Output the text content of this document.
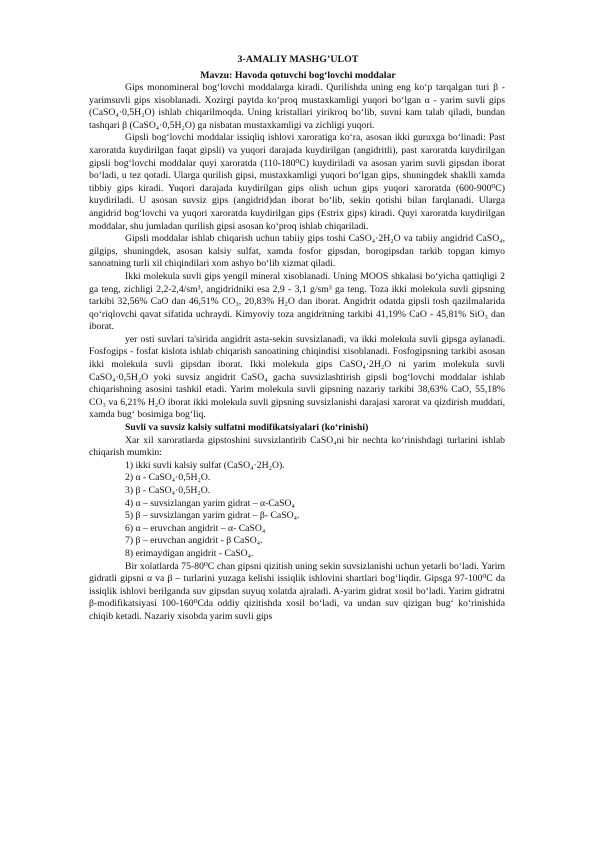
3-AMALIY MASHG’ULOT
Mavzu: Havoda qotuvchi bog‘lovchi moddalar

Gips monomineral bog‘lovchi moddalarga kiradi. Qurilishda uning eng ko‘p tarqalgan turi β - yarimsuvli gips xisoblanadi. Xozirgi paytda ko‘proq mustaxkamligi yuqori bo‘lgan α - yarim suvli gips (CaSO₄·0,5H₂O) ishlab chiqarilmoqda. Uning kristallari yirikroq bo‘lib, suvni kam talab qiladi, bundan tashqari β (CaSO₄·0,5H₂O) ga nisbatan mustaxkamligi va zichligi yuqori.

Gipsli bog‘lovchi moddalar issiqliq ishlovi xaroratiga ko‘ra, asosan ikki guruxga bo‘linadi: Past xaroratda kuydirilgan faqat gipsli) va yuqori darajada kuydirilgan (angidritli), past xaroratda kuydirilgan gipsli bog‘lovchi moddalar quyi xaroratda (110-180⁰C) kuydiriladi va asosan yarim suvli gipsdan iborat bo‘ladi, u tez qotadi. Ularga qurilish gipsi, mustaxkamligi yuqori bo‘lgan gips, shuningdek shaklli xamda tibbiy gips kiradi. Yuqori darajada kuydirilgan gips olish uchun gips yuqori xaroratda (600-900⁰C) kuydiriladi. U asosan suvsiz gips (angidrid)dan iborat bo‘lib, sekin qotishi bilan farqlanadi. Ularga angidrid bog‘lovchi va yuqori xaroratda kuydirilgan gips (Estrix gips) kiradi. Quyi xaroratda kuydirilgan moddalar, shu jumladan qurilish gipsi asosan ko‘proq ishlab chiqariladi.

Gipsli moddalar ishlab chiqarish uchun tabiiy gips toshi CaSO₄·2H₂O va tabiiy angidrid CaSO₄, gilgips, shuningdek, asosan kalsiy sulfat, xamda fosfor gipsdan, borogipsdan tarkib topgan kimyo sanoatning turli xil chiqindilari xom ashyo bo‘lib xizmat qiladi.

Ikki molekula suvli gips yengil mineral xisoblanadi. Uning MOOS shkalasi bo‘yicha qattiqligi 2 ga teng, zichligi 2,2-2,4/sm³, angidridniki esa 2,9 - 3,1 g/sm³ ga teng. Toza ikki molekula suvli gipsning tarkibi 32,56% CaO dan 46,51% CO₃, 20,83% H₂O dan iborat. Angidrit odatda gipsli tosh qazilmalarida qo‘riqlovchi qavat sifatida uchraydi. Kimyoviy toza angidritning tarkibi 41,19% CaO - 45,81% SiO₃ dan iborat.

yer osti suvlari ta'sirida angidrit asta-sekin suvsizlanadi, va ikki molekula suvli gipsga aylanadi. Fosfogips - fosfat kislota ishlab chiqarish sanoatining chiqindisi xisoblanadi. Fosfogipsning tarkibi asosan ikki molekula suvli gipsdan iborat. Ikki molekula gips CaSO₄·2H₂O ni yarim molekula suvli CaSO₄·0,5H₂O yoki suvsiz angidrit CaSO₄ gacha suvsizlashtirish gipsli bog‘lovchi moddalar ishlab chiqarishning asosini tashkil etadi. Yarim molekula suvli gipsning nazariy tarkibi 38,63% CaO, 55,18% CO₃ va 6,21% H₂O iborat ikki molekula suvli gipsning suvsizlanishi darajasi xarorat va qizdirish muddati, xamda bug‘ bosimiga bog‘liq.

Suvli va suvsiz kalsiy sulfatni modifikatsiyalari (ko‘rinishi)

Xar xil xaroratlarda gipstoshini suvsizlantirib CaSO₄ni bir nechta ko‘rinishdagi turlarini ishlab chiqarish mumkin:

1) ikki suvli kalsiy sulfat (CaSO₄·2H₂O).

2) α - CaSO₄·0,5H₂O.

3) β - CaSO₄·0,5H₂O.

4) α – suvsizlangan yarim gidrat – α-CaSO₄

5) β – suvsizlangan yarim gidrat – β- CaSO₄.

6) α – eruvchan angidrit – α- CaSO₄

7) β – eruvchan angidrit - β CaSO₄.

8) erimaydigan angidrit - CaSO₄.

Bir xolatlarda 75-80⁰C chan gipsni qizitish uning sekin suvsizlanishi uchun yetarli bo‘ladi. Yarim gidratli gipsni α va β – turlarini yuzaga kelishi issiqlik ishlovini shartlari bog‘liqdir. Gipsga 97-100⁰C da issiqlik ishlovi berilganda suv gipsdan suyuq xolatda ajraladi. A-yarim gidrat xosil bo‘ladi. Yarim gidratni β-modifikatsiyasi 100-160⁰Cda oddiy qizitishda xosil bo‘ladi, va undan suv qizigan bug‘ ko‘rinishida chiqib ketadi. Nazariy xisobda yarim suvli gips
